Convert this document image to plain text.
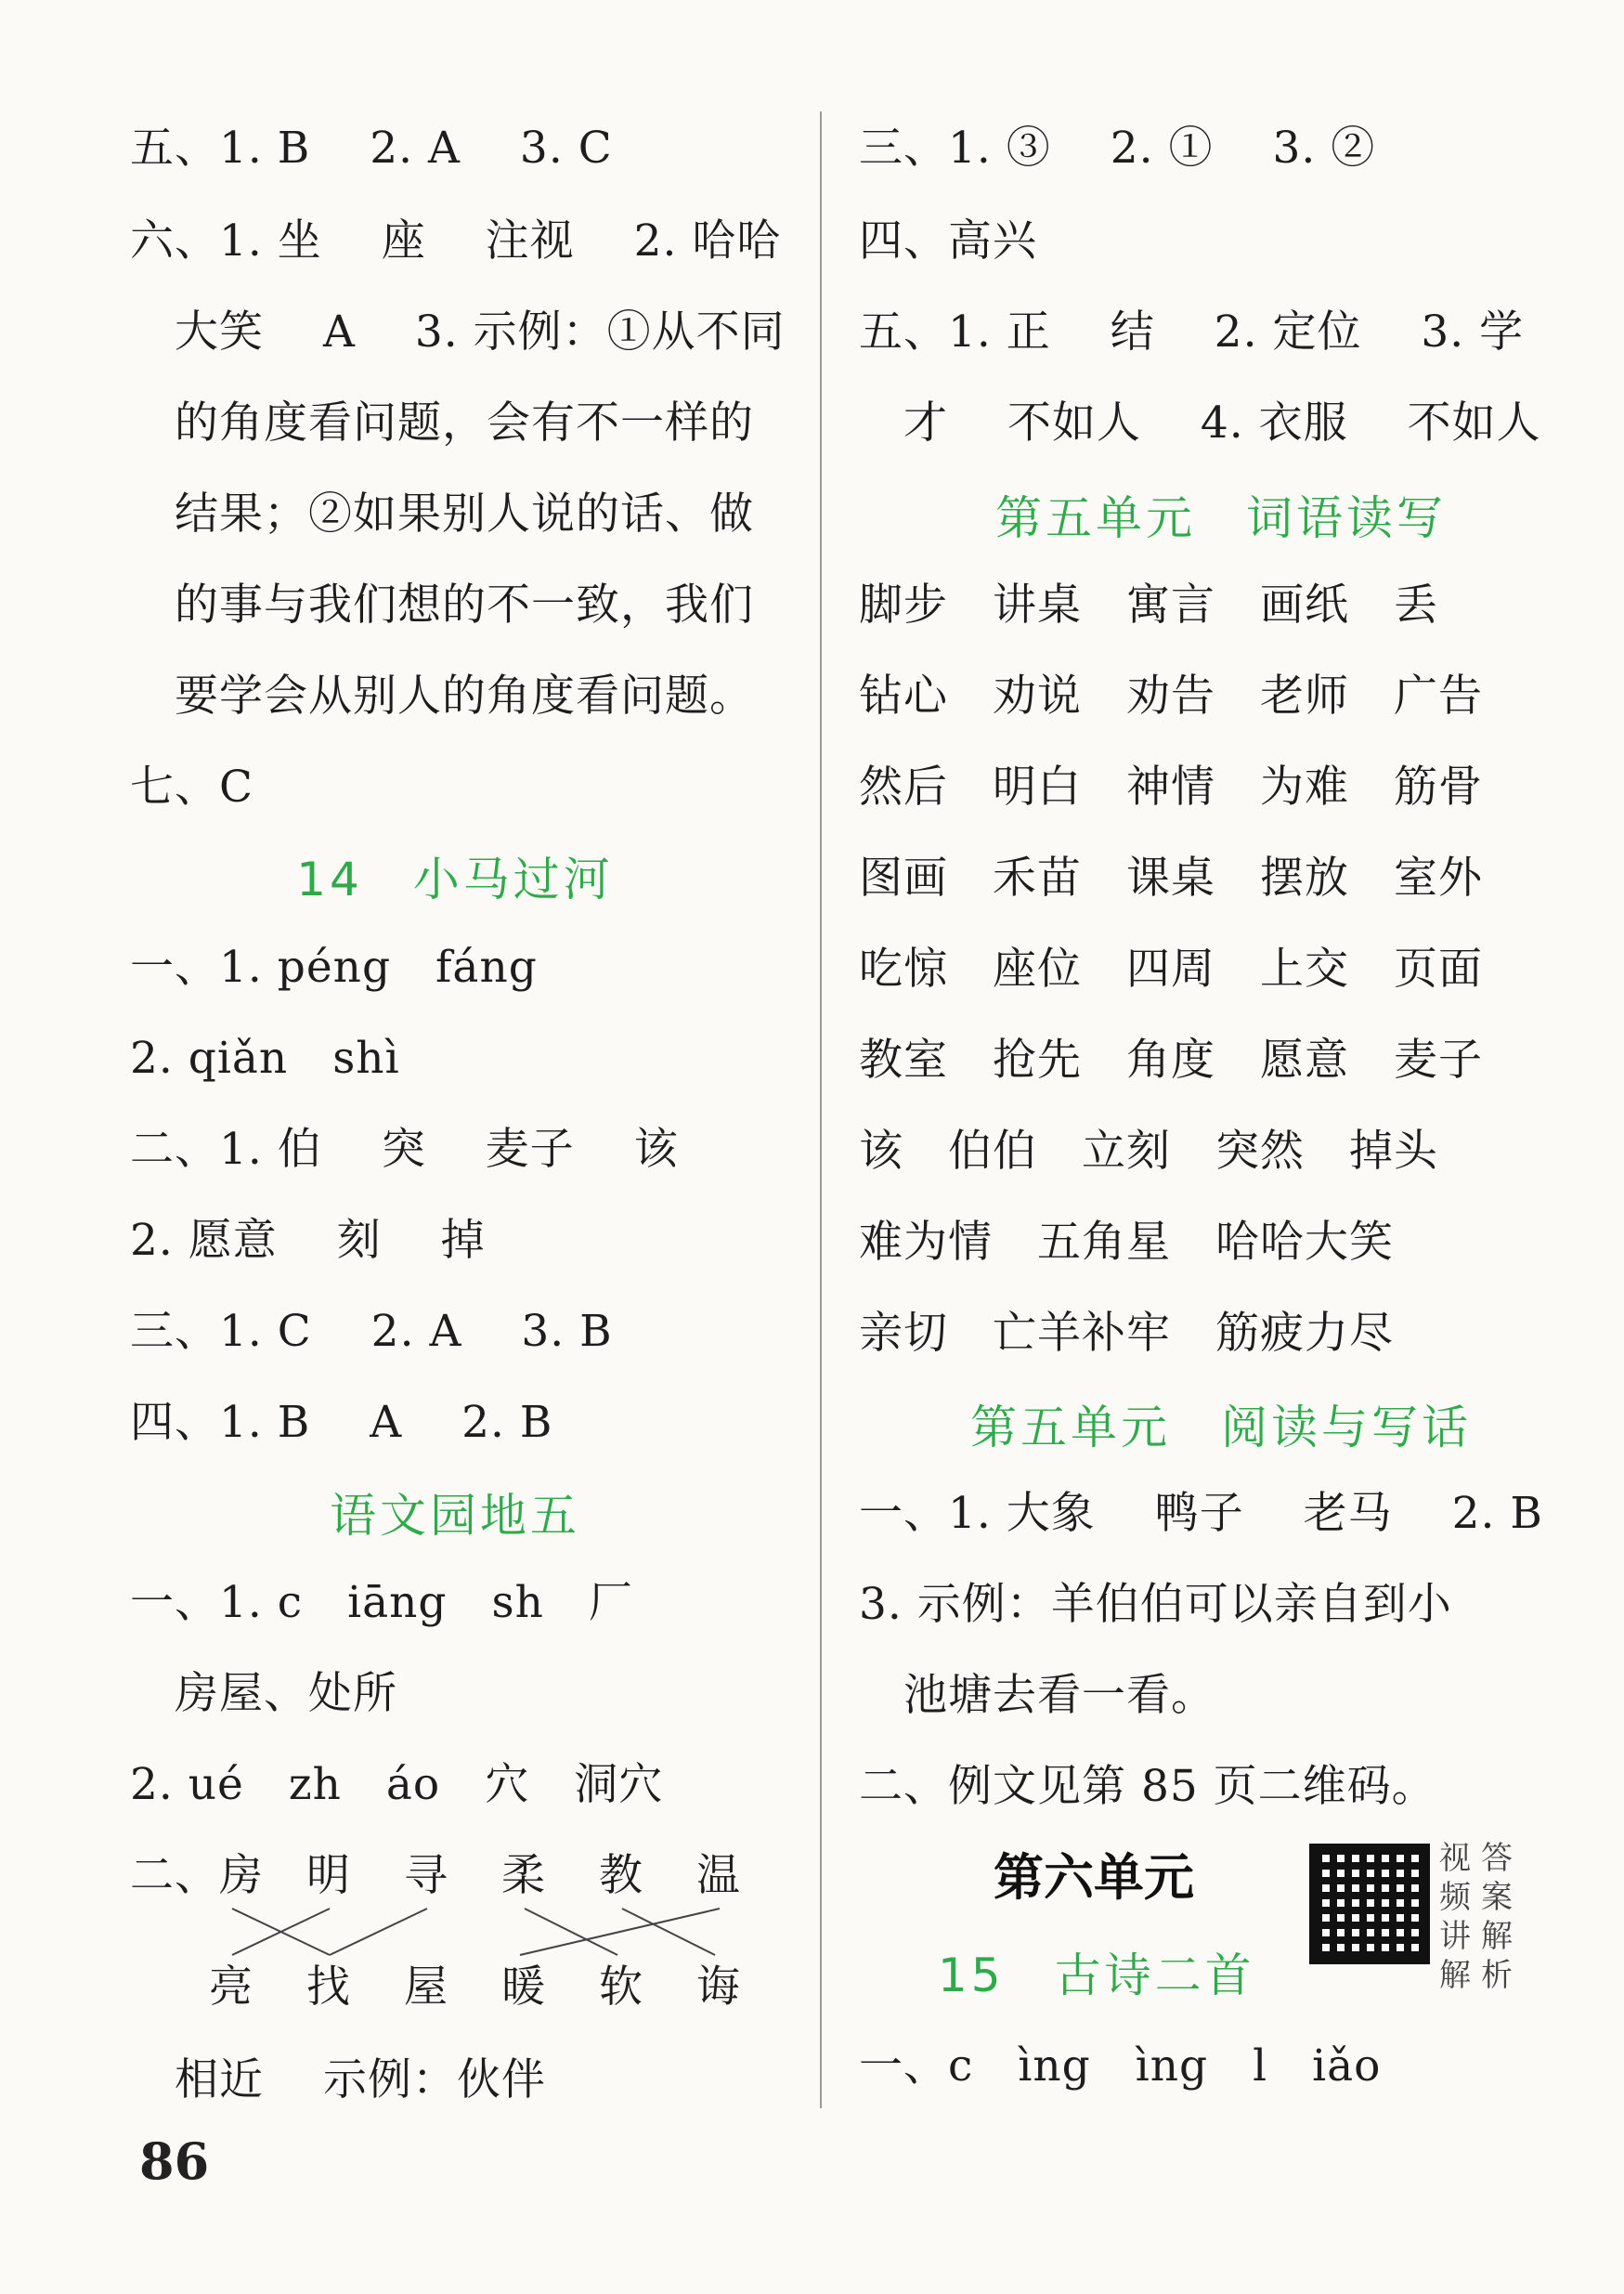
五、1. B　 2. A　 3. C
六、1. 坐　 座　 注视　 2. 哈哈
　大笑　 A　 3. 示例：①从不同
　的角度看问题，会有不一样的
　结果；②如果别人说的话、做
　的事与我们想的不一致，我们
　要学会从别人的角度看问题。
七、C
14　小马过河
一、1. péng　fáng
2. qiǎn　shì
二、1. 伯　 突　 麦子　 该
2. 愿意　 刻　 掉
三、1. C　 2. A　 3. B
四、1. B　 A　 2. B
语文园地五
一、1. c　iāng　sh　厂
　房屋、处所
2. ué　zh　áo　穴　洞穴
二、房 明 寻 柔 教 温
亮 找 屋 暖 软 诲
　相近　 示例：伙伴
三、1. ③　 2. ①　 3. ②
四、高兴
五、1. 正　 结　 2. 定位　 3. 学
　才　 不如人　 4. 衣服　 不如人
第五单元　词语读写
脚步　讲桌　寓言　画纸　丢
钻心　劝说　劝告　老师　广告
然后　明白　神情　为难　筋骨
图画　禾苗　课桌　摆放　室外
吃惊　座位　四周　上交　页面
教室　抢先　角度　愿意　麦子
该　伯伯　立刻　突然　掉头
难为情　五角星　哈哈大笑
亲切　亡羊补牢　筋疲力尽
第五单元　阅读与写话
一、1. 大象　 鸭子　 老马　 2. B
3. 示例：羊伯伯可以亲自到小
　池塘去看一看。
二、例文见第 85 页二维码。
第六单元
15　古诗二首
一、c　ìng　ìng　l　iǎo
视频讲解
答案解析
86
